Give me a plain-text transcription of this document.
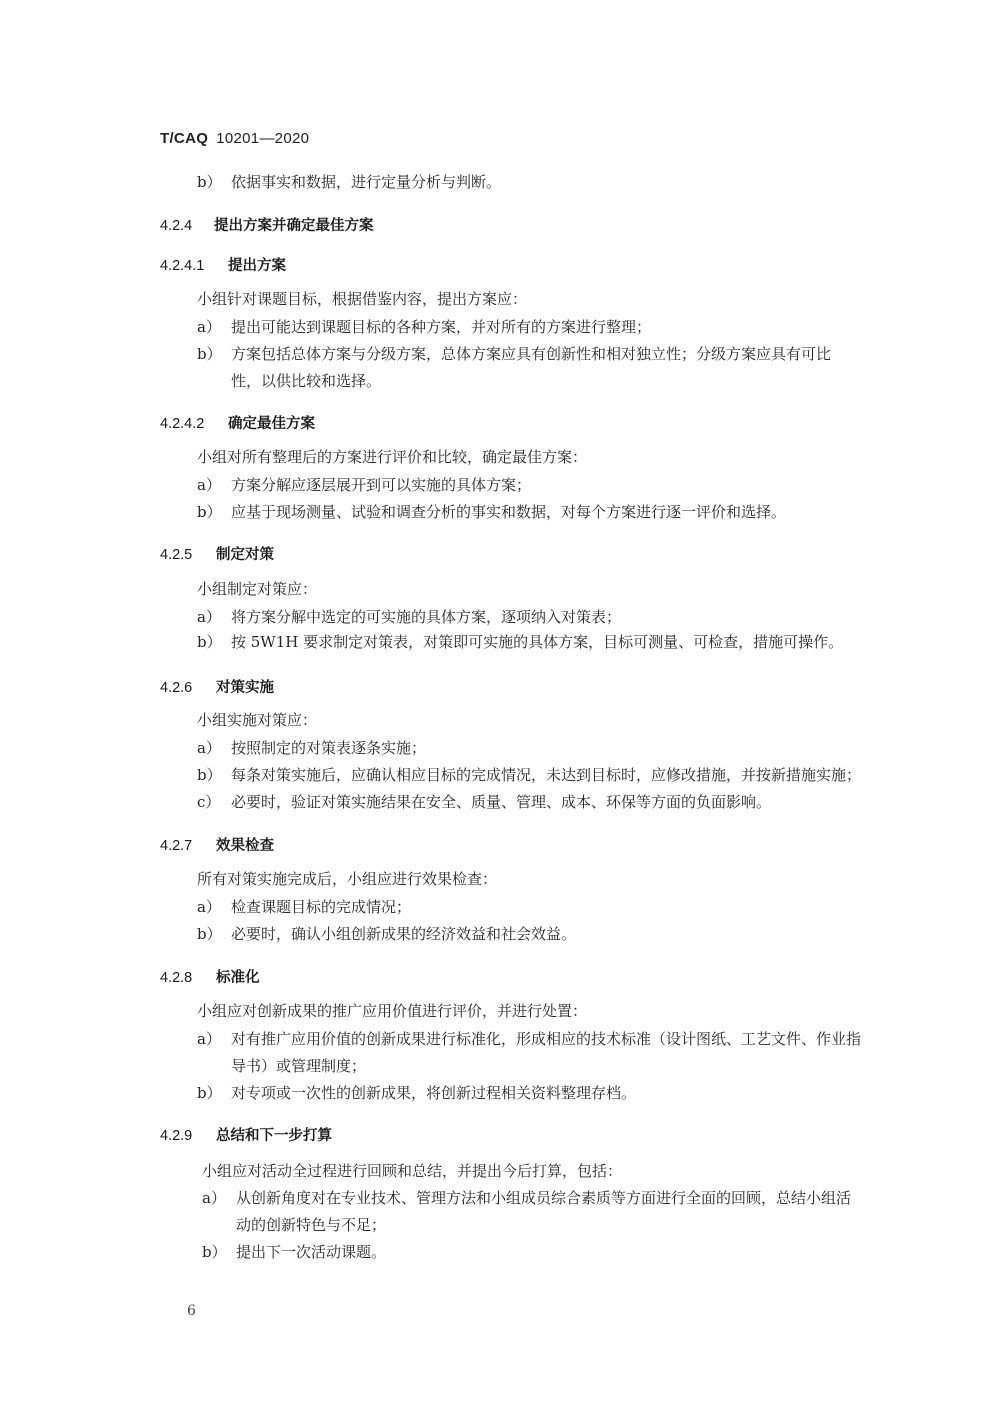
T/CAQ 10201—2020
b） 依据事实和数据，进行定量分析与判断。
4.2.4 提出方案并确定最佳方案
4.2.4.1 提出方案
小组针对课题目标，根据借鉴内容，提出方案应：
a） 提出可能达到课题目标的各种方案，并对所有的方案进行整理；
b） 方案包括总体方案与分级方案，总体方案应具有创新性和相对独立性；分级方案应具有可比
性，以供比较和选择。
4.2.4.2 确定最佳方案
小组对所有整理后的方案进行评价和比较，确定最佳方案：
a） 方案分解应逐层展开到可以实施的具体方案；
b） 应基于现场测量、试验和调查分析的事实和数据，对每个方案进行逐一评价和选择。
4.2.5 制定对策
小组制定对策应：
a） 将方案分解中选定的可实施的具体方案，逐项纳入对策表；
b） 按 5W1H 要求制定对策表，对策即可实施的具体方案，目标可测量、可检查，措施可操作。
4.2.6 对策实施
小组实施对策应：
a） 按照制定的对策表逐条实施；
b） 每条对策实施后，应确认相应目标的完成情况，未达到目标时，应修改措施，并按新措施实施；
c） 必要时，验证对策实施结果在安全、质量、管理、成本、环保等方面的负面影响。
4.2.7 效果检查
所有对策实施完成后，小组应进行效果检查：
a） 检查课题目标的完成情况；
b） 必要时，确认小组创新成果的经济效益和社会效益。
4.2.8 标准化
小组应对创新成果的推广应用价值进行评价，并进行处置：
a） 对有推广应用价值的创新成果进行标准化，形成相应的技术标准（设计图纸、工艺文件、作业指
导书）或管理制度；
b） 对专项或一次性的创新成果，将创新过程相关资料整理存档。
4.2.9 总结和下一步打算
小组应对活动全过程进行回顾和总结，并提出今后打算，包括：
a） 从创新角度对在专业技术、管理方法和小组成员综合素质等方面进行全面的回顾，总结小组活
动的创新特色与不足；
b） 提出下一次活动课题。
6
